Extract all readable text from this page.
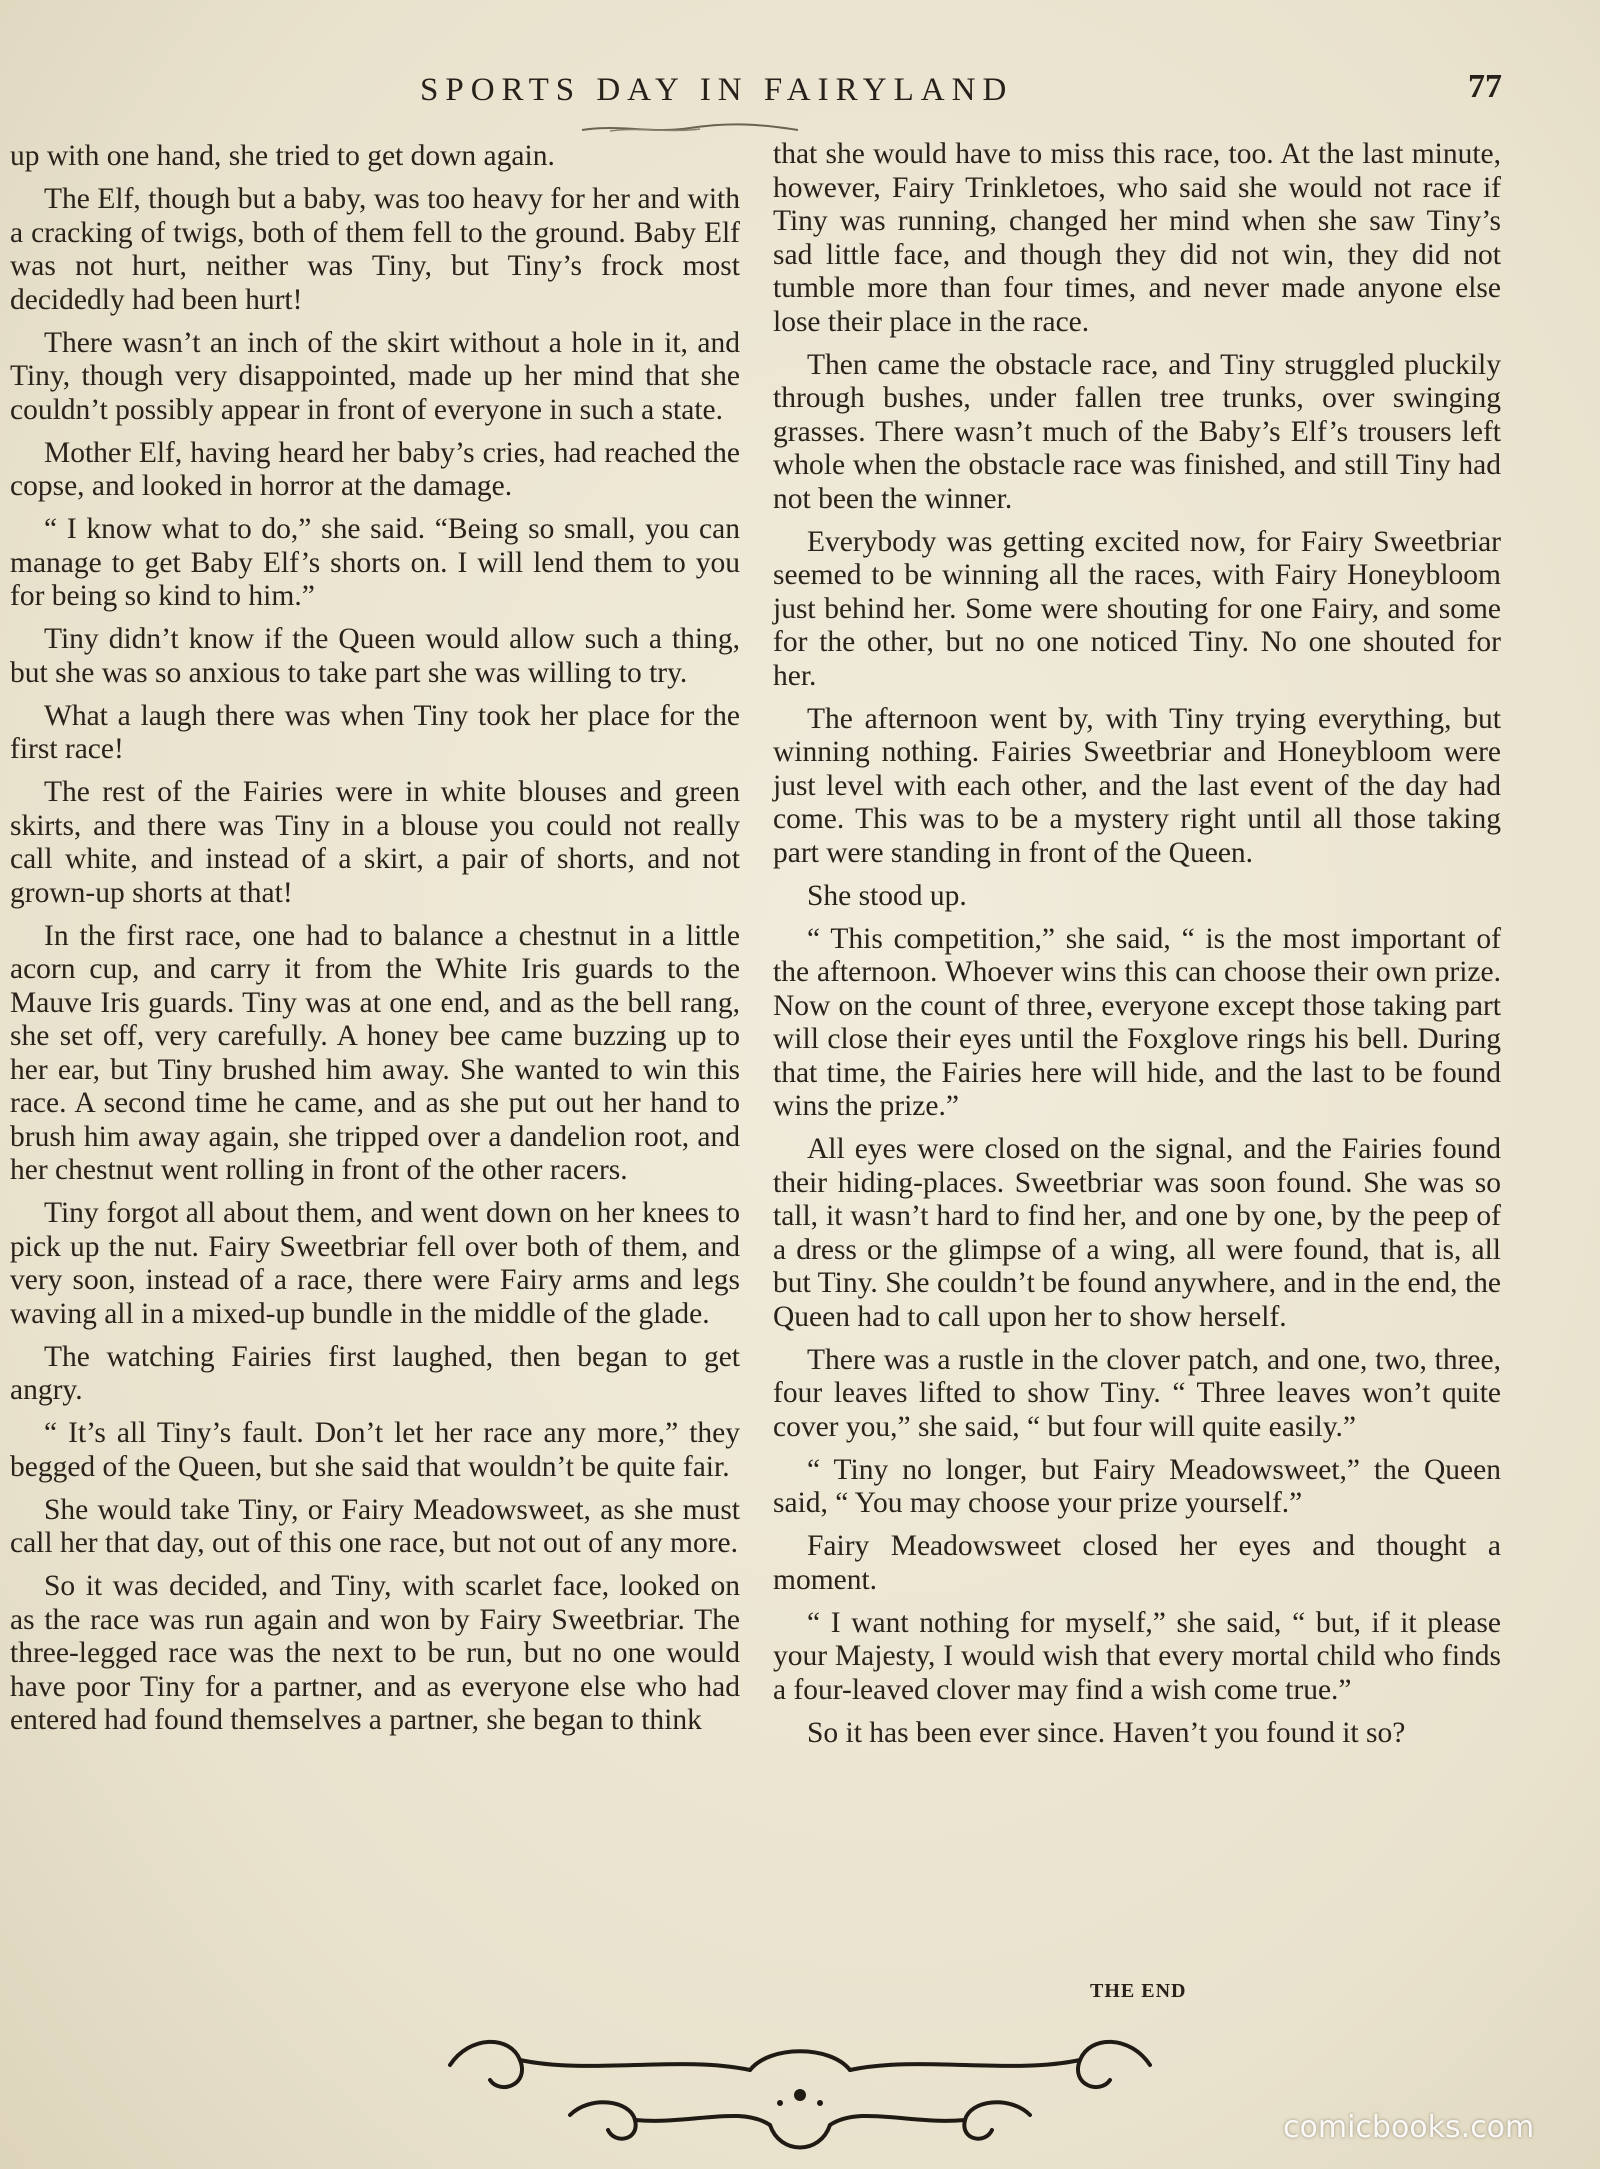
SPORTS DAY IN FAIRYLAND	77

up with one hand, she tried to get down again.

The Elf, though but a baby, was too heavy for her and with a cracking of twigs, both of them fell to the ground. Baby Elf was not hurt, neither was Tiny, but Tiny’s frock most decidedly had been hurt!

There wasn’t an inch of the skirt without a hole in it, and Tiny, though very disappointed, made up her mind that she couldn’t possibly appear in front of everyone in such a state.

Mother Elf, having heard her baby’s cries, had reached the copse, and looked in horror at the damage.

“ I know what to do,” she said. “Being so small, you can manage to get Baby Elf’s shorts on. I will lend them to you for being so kind to him.”

Tiny didn’t know if the Queen would allow such a thing, but she was so anxious to take part she was willing to try.

What a laugh there was when Tiny took her place for the first race!

The rest of the Fairies were in white blouses and green skirts, and there was Tiny in a blouse you could not really call white, and instead of a skirt, a pair of shorts, and not grown-up shorts at that!

In the first race, one had to balance a chestnut in a little acorn cup, and carry it from the White Iris guards to the Mauve Iris guards. Tiny was at one end, and as the bell rang, she set off, very carefully. A honey bee came buzzing up to her ear, but Tiny brushed him away. She wanted to win this race. A second time he came, and as she put out her hand to brush him away again, she tripped over a dandelion root, and her chestnut went rolling in front of the other racers.

Tiny forgot all about them, and went down on her knees to pick up the nut. Fairy Sweetbriar fell over both of them, and very soon, instead of a race, there were Fairy arms and legs waving all in a mixed-up bundle in the middle of the glade.

The watching Fairies first laughed, then began to get angry.

“ It’s all Tiny’s fault. Don’t let her race any more,” they begged of the Queen, but she said that wouldn’t be quite fair.

She would take Tiny, or Fairy Meadowsweet, as she must call her that day, out of this one race, but not out of any more.

So it was decided, and Tiny, with scarlet face, looked on as the race was run again and won by Fairy Sweetbriar. The three-legged race was the next to be run, but no one would have poor Tiny for a partner, and as everyone else who had entered had found themselves a partner, she began to think

that she would have to miss this race, too. At the last minute, however, Fairy Trinkletoes, who said she would not race if Tiny was running, changed her mind when she saw Tiny’s sad little face, and though they did not win, they did not tumble more than four times, and never made anyone else lose their place in the race.

Then came the obstacle race, and Tiny struggled pluckily through bushes, under fallen tree trunks, over swinging grasses. There wasn’t much of the Baby’s Elf’s trousers left whole when the obstacle race was finished, and still Tiny had not been the winner.

Everybody was getting excited now, for Fairy Sweetbriar seemed to be winning all the races, with Fairy Honeybloom just behind her. Some were shouting for one Fairy, and some for the other, but no one noticed Tiny. No one shouted for her.

The afternoon went by, with Tiny trying everything, but winning nothing. Fairies Sweetbriar and Honeybloom were just level with each other, and the last event of the day had come. This was to be a mystery right until all those taking part were standing in front of the Queen.

She stood up.

“ This competition,” she said, “ is the most important of the afternoon. Whoever wins this can choose their own prize. Now on the count of three, everyone except those taking part will close their eyes until the Foxglove rings his bell. During that time, the Fairies here will hide, and the last to be found wins the prize.”

All eyes were closed on the signal, and the Fairies found their hiding-places. Sweetbriar was soon found. She was so tall, it wasn’t hard to find her, and one by one, by the peep of a dress or the glimpse of a wing, all were found, that is, all but Tiny. She couldn’t be found anywhere, and in the end, the Queen had to call upon her to show herself.

There was a rustle in the clover patch, and one, two, three, four leaves lifted to show Tiny. “ Three leaves won’t quite cover you,” she said, “ but four will quite easily.”

“ Tiny no longer, but Fairy Meadowsweet,” the Queen said, “ You may choose your prize yourself.”

Fairy Meadowsweet closed her eyes and thought a moment.

“ I want nothing for myself,” she said, “ but, if it please your Majesty, I would wish that every mortal child who finds a four-leaved clover may find a wish come true.”

So it has been ever since. Haven’t you found it so?

THE END
comicbooks.com
